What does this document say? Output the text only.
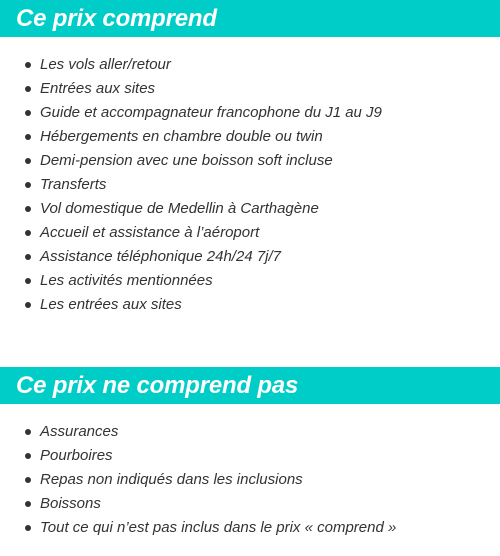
Ce prix comprend
Les vols aller/retour
Entrées aux sites
Guide et accompagnateur francophone du J1 au J9
Hébergements en chambre double ou twin
Demi-pension avec une boisson soft incluse
Transferts
Vol domestique de Medellin à Carthagène
Accueil et assistance à l’aéroport
Assistance téléphonique 24h/24 7j/7
Les activités mentionnées
Les entrées aux sites
Ce prix ne comprend pas
Assurances
Pourboires
Repas non indiqués dans les inclusions
Boissons
Tout ce qui n’est pas inclus dans le prix « comprend »
